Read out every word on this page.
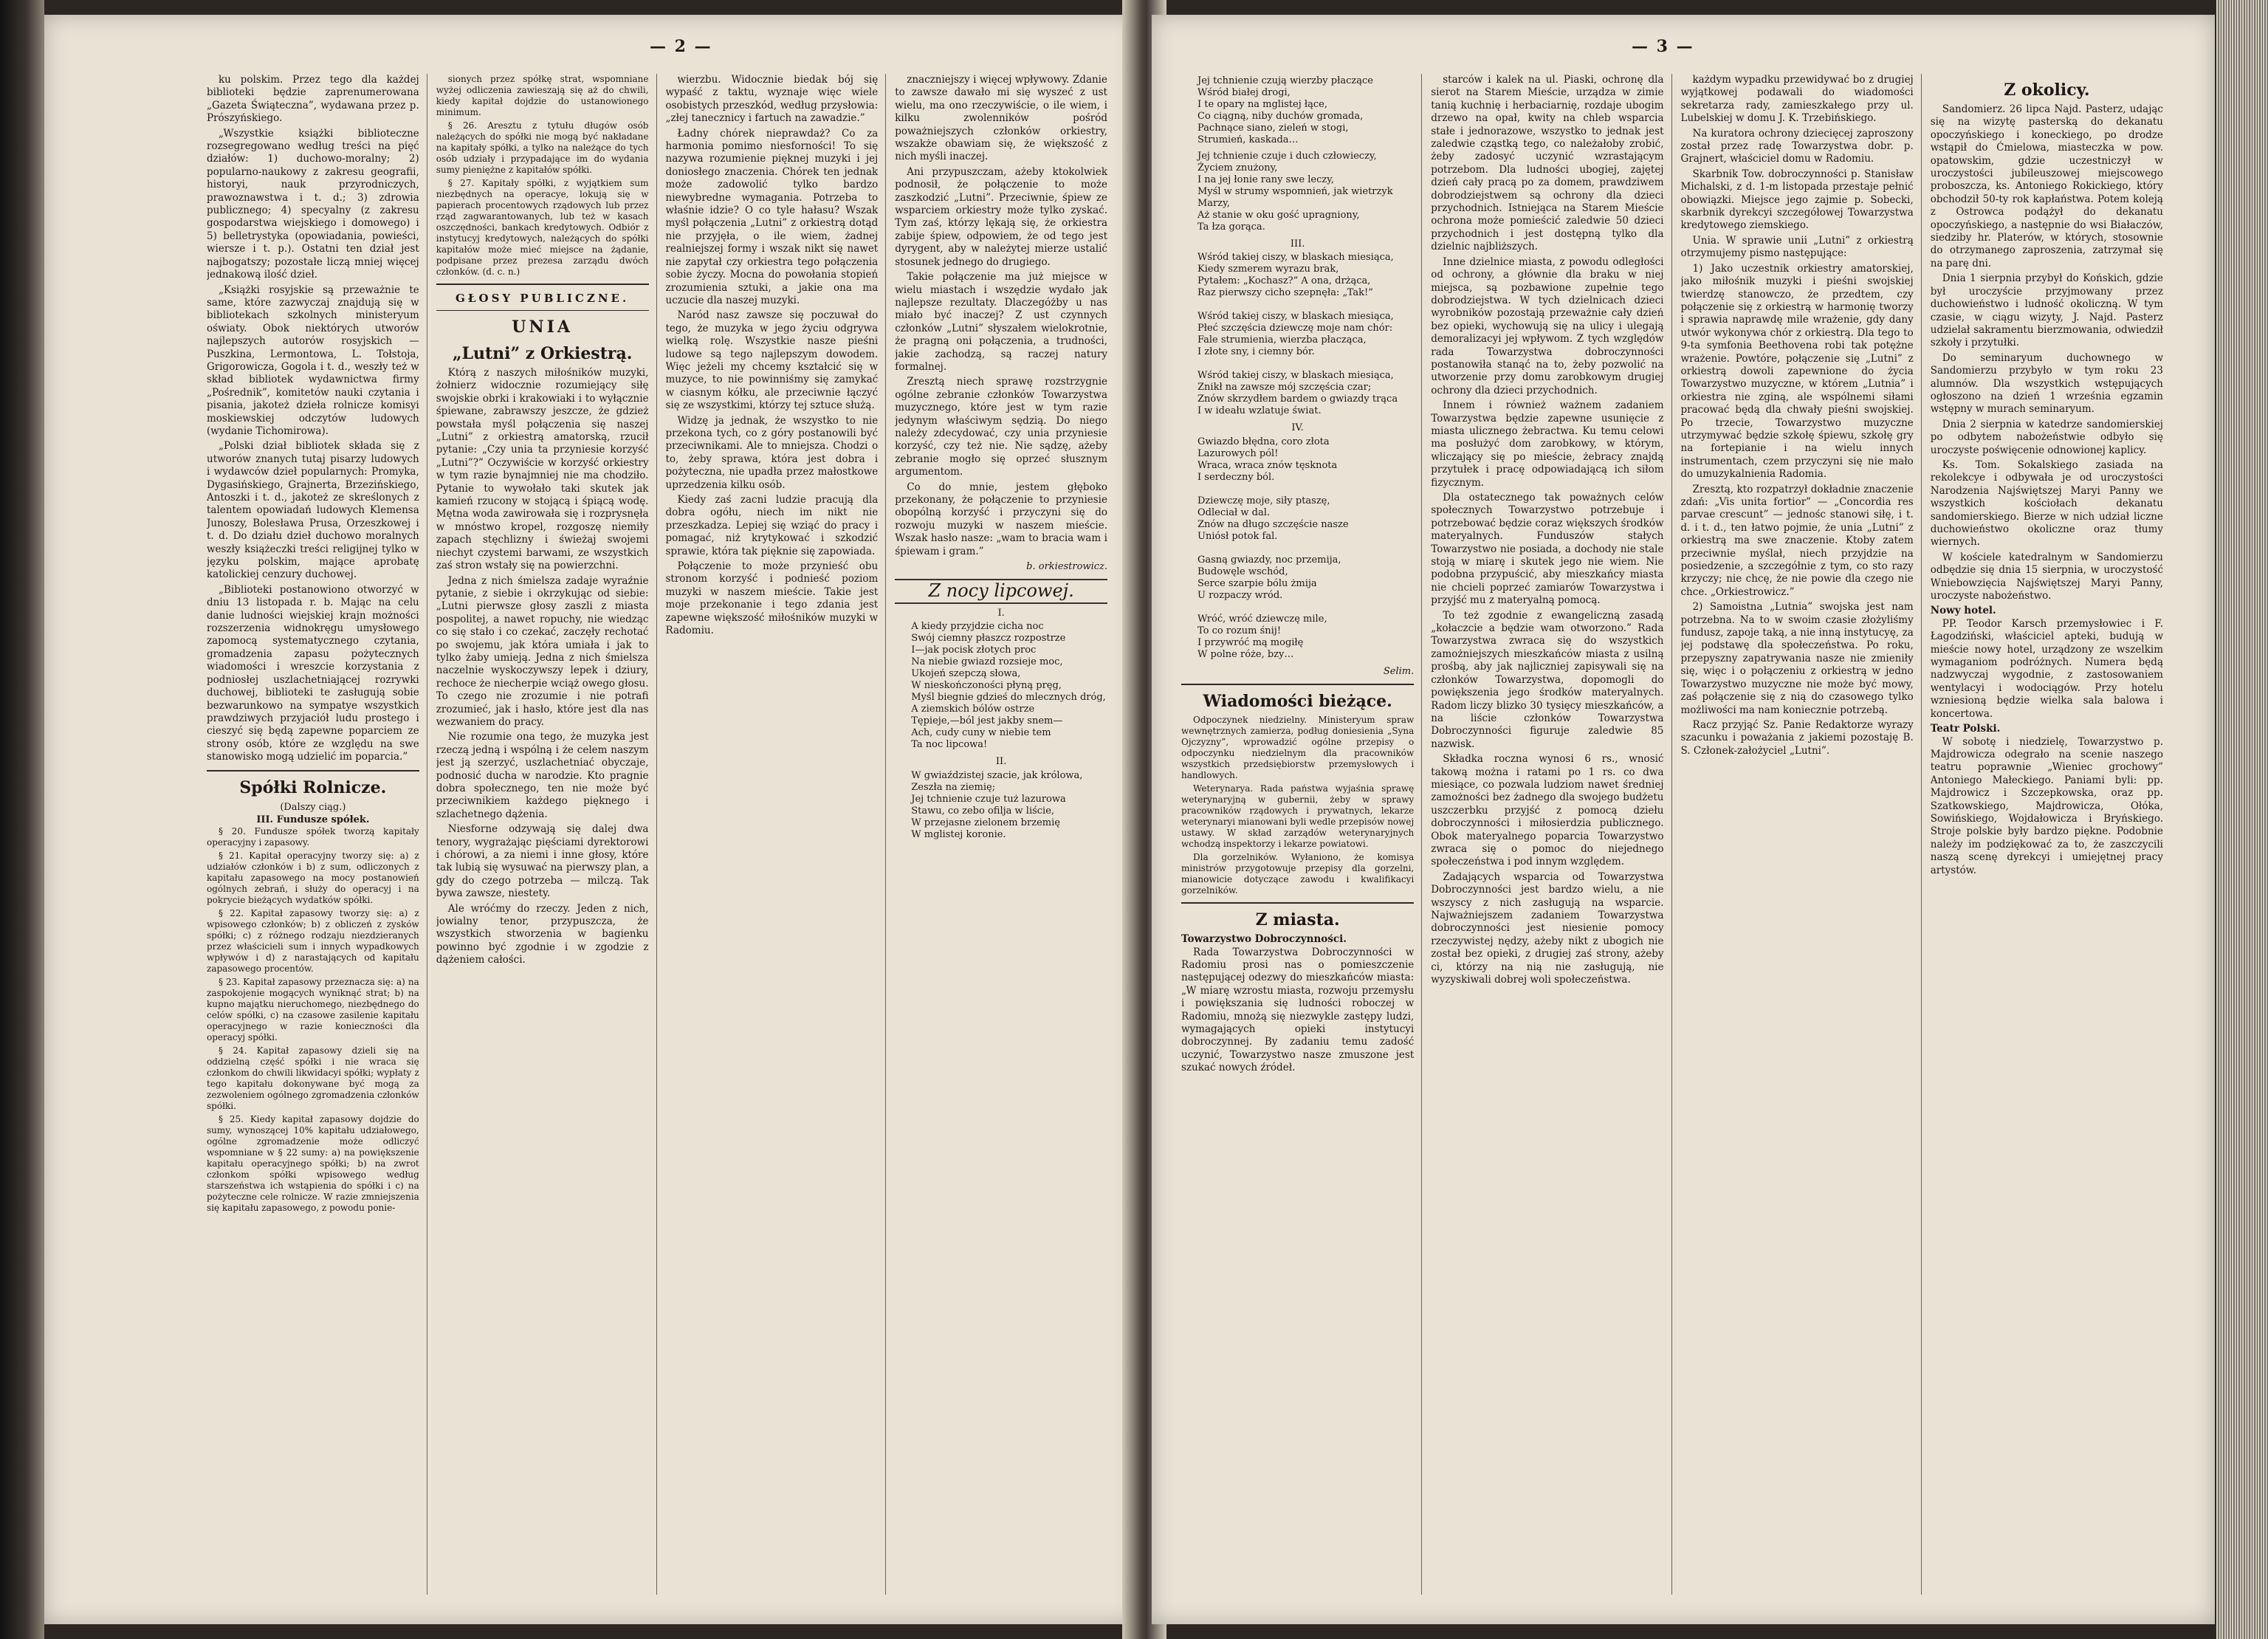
— 2 —

ku polskim. Przez tego dla każdej biblioteki będzie zaprenumerowana „Gazeta Świąteczna”, wydawana przez p. Prószyńskiego.

„Wszystkie książki biblioteczne rozsegregowano według treści na pięć działów: 1) duchowo-moralny; 2) popularno-naukowy z zakresu geografii, historyi, nauk przyrodniczych, prawoznawstwa i t. d.; 3) zdrowia publicznego; 4) specyalny (z zakresu gospodarstwa wiejskiego i domowego) i 5) belletrystyka (opowiadania, powieści, wiersze i t. p.). Ostatni ten dział jest najbogatszy; pozostałe liczą mniej więcej jednakową ilość dzieł.

„Książki rosyjskie są przeważnie te same, które zazwyczaj znajdują się w bibliotekach szkolnych ministeryum oświaty. Obok niektórych utworów najlepszych autorów rosyjskich — Puszkina, Lermontowa, L. Tołstoja, Grigorowicza, Gogola i t. d., weszły też w skład bibliotek wydawnictwa firmy „Pośrednik”, komitetów nauki czytania i pisania, jakoteż dzieła rolnicze komisyi moskiewskiej odczytów ludowych (wydanie Tichomirowa).

„Polski dział bibliotek składa się z utworów znanych tutaj pisarzy ludowych i wydawców dzieł popularnych: Promyka, Dygasińskiego, Grajnerta, Brzezińskiego, Antoszki i t. d., jakoteż ze skreślonych z talentem opowiadań ludowych Klemensa Junoszy, Bolesława Prusa, Orzeszkowej i t. d. Do działu dzieł duchowo moralnych weszły książeczki treści religijnej tylko w języku polskim, mające aprobatę katolickiej cenzury duchowej.

„Biblioteki postanowiono otworzyć w dniu 13 listopada r. b. Mając na celu danie ludności wiejskiej krajn możności rozszerzenia widnokręgu umysłowego zapomocą systematycznego czytania, gromadzenia zapasu pożytecznych wiadomości i wreszcie korzystania z podniosłej uszlachetniającej rozrywki duchowej, biblioteki te zasługują sobie bezwarunkowo na sympatye wszystkich prawdziwych przyjaciół ludu prostego i cieszyć się będą zapewne poparciem ze strony osób, które ze względu na swe stanowisko mogą udzielić im poparcia.”

Spółki Rolnicze.
(Dalszy ciąg.)
III. Fundusze spółek.

§ 20. Fundusze spółek tworzą kapitały operacyjny i zapasowy.

§ 21. Kapitał operacyjny tworzy się: a) z udziałów członków i b) z sum, odliczonych z kapitału zapasowego na mocy postanowień ogólnych zebrań, i służy do operacyj i na pokrycie bieżących wydatków spółki.

§ 22. Kapitał zapasowy tworzy się: a) z wpisowego członków; b) z obliczeń z zysków spółki; c) z różnego rodzaju niezdzieranych przez właścicieli sum i innych wypadkowych wpływów i d) z narastających od kapitału zapasowego procentów.

§ 23. Kapitał zapasowy przeznacza się: a) na zaspokojenie mogących wyniknąć strat; b) na kupno majątku nieruchomego, niezbędnego do celów spółki, c) na czasowe zasilenie kapitału operacyjnego w razie konieczności dla operacyj spółki.

§ 24. Kapitał zapasowy dzieli się na oddzielną część spółki i nie wraca się członkom do chwili likwidacyi spółki; wypłaty z tego kapitału dokonywane być mogą za zezwoleniem ogólnego zgromadzenia członków spółki.

§ 25. Kiedy kapitał zapasowy dojdzie do sumy, wynoszącej 10% kapitału udziałowego, ogólne zgromadzenie może odliczyć wspomniane w § 22 sumy: a) na powiększenie kapitału operacyjnego spółki; b) na zwrot członkom spółki wpisowego według starszeństwa ich wstąpienia do spółki i c) na pożyteczne cele rolnicze. W razie zmniejszenia się kapitału zapasowego, z powodu ponie-

sionych przez spółkę strat, wspomniane wyżej odliczenia zawieszają się aż do chwili, kiedy kapitał dojdzie do ustanowionego minimum.

§ 26. Aresztu z tytułu długów osób należących do spółki nie mogą być nakładane na kapitały spółki, a tylko na należące do tych osób udziały i przypadające im do wydania sumy pieniężne z kapitałów spółki.

§ 27. Kapitały spółki, z wyjątkiem sum niezbędnych na operacye, lokują się w papierach procentowych rządowych lub przez rząd zagwarantowanych, lub też w kasach oszczędności, bankach kredytowych. Odbiór z instytucyj kredytowych, należących do spółki kapitałów może mieć miejsce na żądanie, podpisane przez prezesa zarządu dwóch członków. (d. c. n.)

GŁOSY PUBLICZNE.
UNIA
„Lutni” z Orkiestrą.

Którą z naszych miłośników muzyki, żołnierz widocznie rozumiejący siłę swojskie obrki i krakowiaki i to wyłącznie śpiewane, zabrawszy jeszcze, że gdzież powstała myśl połączenia się naszej „Lutni” z orkiestrą amatorską, rzucił pytanie: „Czy unia ta przyniesie korzyść „Lutni”?” Oczywiście w korzyść orkiestry w tym razie bynajmniej nie ma chodziło. Pytanie to wywołało taki skutek jak kamień rzucony w stojącą i śpiącą wodę. Mętna woda zawirowała się i rozprysnęła w mnóstwo kropel, rozgoszę niemiły zapach stęchlizny i świeżaj swojemi niechyt czystemi barwami, ze wszystkich zaś stron wstały się na powierzchni.

Jedna z nich śmielsza zadaje wyraźnie pytanie, z siebie i okrzykując od siebie: „Lutni pierwsze głosy zaszli z miasta pospolitej, a nawet ropuchy, nie wiedząc co się stało i co czekać, zaczęły rechotać po swojemu, jak która umiała i jak to tylko żaby umieją. Jedna z nich śmielsza naczelnie wyskoczywszy lepek i dziury, rechoce że niecherpie wciąż owego głosu. To czego nie zrozumie i nie potrafi zrozumieć, jak i hasło, które jest dla nas wezwaniem do pracy.

Nie rozumie ona tego, że muzyka jest rzeczą jedną i wspólną i że celem naszym jest ją szerzyć, uszlachetniać obyczaje, podnosić ducha w narodzie. Kto pragnie dobra społecznego, ten nie może być przeciwnikiem każdego pięknego i szlachetnego dążenia.

Niesforne odzywają się dalej dwa tenory, wygrażając pięściami dyrektorowi i chórowi, a za niemi i inne głosy, które tak lubią się wysuwać na pierwszy plan, a gdy do czego potrzeba — milczą. Tak bywa zawsze, niestety.

Ale wróćmy do rzeczy. Jeden z nich, jowialny tenor, przypuszcza, że wszystkich stworzenia w bagienku powinno być zgodnie i w zgodzie z dążeniem całości.

wierzbu. Widocznie biedak bój się wypaść z taktu, wyznaje więc wiele osobistych przeszkód, według przysłowia: „złej tanecznicy i fartuch na zawadzie.”

Ładny chórek nieprawdaż? Co za harmonia pomimo niesforności! To się nazywa rozumienie pięknej muzyki i jej doniosłego znaczenia. Chórek ten jednak może zadowolić tylko bardzo niewybredne wymagania. Potrzeba to właśnie idzie? O co tyle hałasu? Wszak myśl połączenia „Lutni” z orkiestrą dotąd nie przyjęła, o ile wiem, żadnej realniejszej formy i wszak nikt się nawet nie zapytał czy orkiestra tego połączenia sobie życzy. Mocna do powołania stopień zrozumienia sztuki, a jakie ona ma uczucie dla naszej muzyki.

Naród nasz zawsze się poczuwał do tego, że muzyka w jego życiu odgrywa wielką rolę. Wszystkie nasze pieśni ludowe są tego najlepszym dowodem. Więc jeżeli my chcemy kształcić się w muzyce, to nie powinniśmy się zamykać w ciasnym kółku, ale przeciwnie łączyć się ze wszystkimi, którzy tej sztuce służą.

Widzę ja jednak, że wszystko to nie przekona tych, co z góry postanowili być przeciwnikami. Ale to mniejsza. Chodzi o to, żeby sprawa, która jest dobra i pożyteczna, nie upadła przez małostkowe uprzedzenia kilku osób.

Kiedy zaś zacni ludzie pracują dla dobra ogółu, niech im nikt nie przeszkadza. Lepiej się wziąć do pracy i pomagać, niż krytykować i szkodzić sprawie, która tak pięknie się zapowiada.

Połączenie to może przynieść obu stronom korzyść i podnieść poziom muzyki w naszem mieście. Takie jest moje przekonanie i tego zdania jest zapewne większość miłośników muzyki w Radomiu.

znaczniejszy i więcej wpływowy. Zdanie to zawsze dawało mi się wyszeć z ust wielu, ma ono rzeczywiście, o ile wiem, i kilku zwolenników pośród poważniejszych członków orkiestry, wszakże obawiam się, że większość z nich myśli inaczej.

Ani przypuszczam, ażeby ktokolwiek podnosił, że połączenie to może zaszkodzić „Lutni”. Przeciwnie, śpiew ze wsparciem orkiestry może tylko zyskać. Tym zaś, którzy lękają się, że orkiestra zabije śpiew, odpowiem, że od tego jest dyrygent, aby w należytej mierze ustalić stosunek jednego do drugiego.

Takie połączenie ma już miejsce w wielu miastach i wszędzie wydało jak najlepsze rezultaty. Dlaczegóżby u nas miało być inaczej? Z ust czynnych członków „Lutni” słyszałem wielokrotnie, że pragną oni połączenia, a trudności, jakie zachodzą, są raczej natury formalnej.

Zresztą niech sprawę rozstrzygnie ogólne zebranie członków Towarzystwa muzycznego, które jest w tym razie jedynym właściwym sędzią. Do niego należy zdecydować, czy unia przyniesie korzyść, czy też nie. Nie sądzę, ażeby zebranie mogło się oprzeć słusznym argumentom.

Co do mnie, jestem głęboko przekonany, że połączenie to przyniesie obopólną korzyść i przyczyni się do rozwoju muzyki w naszem mieście. Wszak hasło nasze: „wam to bracia wam i śpiewam i gram.”

b. orkiestrowicz.
Z nocy lipcowej.
I.
A kiedy przyjdzie cicha noc
Swój ciemny płaszcz rozpostrze
I—jak pocisk złotych proc
Na niebie gwiazd rozsieje moc,
Ukojeń szepczą słowa,
W nieskończoności płyną pręg,
Myśl biegnie gdzieś do mlecznych dróg,
A ziemskich bólów ostrze
Tępieje,—ból jest jakby snem—
Ach, cudy cuny w niebie tem
Ta noc lipcowa!
II.
W gwiaździstej szacie, jak królowa,
Zeszła na ziemię;
Jej tchnienie czuje tuż lazurowa
Stawu, co zebo ofilja w liście,
W przejasne zielonem brzemię
W mglistej koronie.
— 3 —
Jej tchnienie czują wierzby płaczące
Wśród białej drogi,
I te opary na mglistej łące,
Co ciągną, niby duchów gromada,
Pachnące siano, zieleń w stogi,
Strumień, kaskada…
Jej tchnienie czuje i duch człowieczy,
Życiem znużony,
I na jej łonie rany swe leczy,
Myśl w strumy wspomnień, jak wietrzyk
Marzy,
Aż stanie w oku gość upragniony,
Ta łza gorąca.
III.
Wśród takiej ciszy, w blaskach miesiąca,
Kiedy szmerem wyrazu brak,
Pytałem: „Kochasz?” A ona, drżąca,
Raz pierwszy cicho szepnęła: „Tak!”

Wśród takiej ciszy, w blaskach miesiąca,
Płeć szczęścia dziewczę moje nam chór:
Fale strumienia, wierzba płacząca,
I złote sny, i ciemny bór.

Wśród takiej ciszy, w blaskach miesiąca,
Znikł na zawsze mój szczęścia czar;
Znów skrzydłem bardem o gwiazdy trąca
I w ideału wzlatuje świat.
IV.
Gwiazdo błędna, coro złota
Lazurowych pól!
Wraca, wraca znów tęsknota
I serdeczny ból.

Dziewczę moje, siły ptaszę,
Odleciał w dal.
Znów na długo szczęście nasze
Uniósł potok fal.

Gasną gwiazdy, noc przemija,
Budowęle wschód,
Serce szarpie bólu żmija
U rozpaczy wród.

Wróć, wróć dziewczę mile,
To co rozum śnij!
I przywróć mą mogiłę
W polne róże, bzy…
Selim.
Wiadomości bieżące.

Odpoczynek niedzielny. Ministeryum spraw wewnętrznych zamierza, podług doniesienia „Syna Ojczyzny”, wprowadzić ogólne przepisy o odpoczynku niedzielnym dla pracowników wszystkich przedsiębiorstw przemysłowych i handlowych.

Weterynarya. Rada państwa wyjaśnia sprawę weterynaryjną w gubernii, żeby w sprawy pracowników rządowych i prywatnych, lekarze weterynaryi mianowani byli wedle przepisów nowej ustawy. W skład zarządów weterynaryjnych wchodzą inspektorzy i lekarze powiatowi.

Dla gorzelników. Wyłaniono, że komisya ministrów przygotowuje przepisy dla gorzelni, mianowicie dotyczące zawodu i kwalifikacyi gorzelników.

Z miasta.
Towarzystwo Dobroczynności.

Rada Towarzystwa Dobroczynności w Radomiu prosi nas o pomieszczenie następującej odezwy do mieszkańców miasta: „W miarę wzrostu miasta, rozwoju przemysłu i powiększania się ludności roboczej w Radomiu, mnożą się niezwykle zastępy ludzi, wymagających opieki instytucyi dobroczynnej. By zadaniu temu zadość uczynić, Towarzystwo nasze zmuszone jest szukać nowych źródeł.

starców i kalek na ul. Piaski, ochronę dla sierot na Starem Mieście, urządza w zimie tanią kuchnię i herbaciarnię, rozdaje ubogim drzewo na opał, kwity na chleb wsparcia stałe i jednorazowe, wszystko to jednak jest zaledwie cząstką tego, co należałoby zrobić, żeby zadosyć uczynić wzrastającym potrzebom. Dla ludności ubogiej, zajętej dzień cały pracą po za domem, prawdziwem dobrodziejstwem są ochrony dla dzieci przychodnich. Istniejąca na Starem Mieście ochrona może pomieścić zaledwie 50 dzieci przychodnich i jest dostępną tylko dla dzielnic najbliższych.

Inne dzielnice miasta, z powodu odległości od ochrony, a głównie dla braku w niej miejsca, są pozbawione zupełnie tego dobrodziejstwa. W tych dzielnicach dzieci wyrobników pozostają przeważnie cały dzień bez opieki, wychowują się na ulicy i ulegają demoralizacyi jej wpływom. Z tych względów rada Towarzystwa dobroczynności postanowiła stanąć na to, żeby pozwolić na utworzenie przy domu zarobkowym drugiej ochrony dla dzieci przychodnich.

Innem i również ważnem zadaniem Towarzystwa będzie zapewne usunięcie z miasta ulicznego żebractwa. Ku temu celowi ma posłużyć dom zarobkowy, w którym, wliczający się po mieście, żebracy znajdą przytułek i pracę odpowiadającą ich siłom fizycznym.

Dla ostatecznego tak poważnych celów społecznych Towarzystwo potrzebuje i potrzebować będzie coraz większych środków materyalnych. Funduszów stałych Towarzystwo nie posiada, a dochody nie stale stoją w miarę i skutek jego nie wiem. Nie podobna przypuścić, aby mieszkańcy miasta nie chcieli poprzeć zamiarów Towarzystwa i przyjść mu z materyalną pomocą.

To też zgodnie z ewangeliczną zasadą „kołaczcie a będzie wam otworzono.” Rada Towarzystwa zwraca się do wszystkich zamożniejszych mieszkańców miasta z usilną prośbą, aby jak najliczniej zapisywali się na członków Towarzystwa, dopomogli do powiększenia jego środków materyalnych. Radom liczy blizko 30 tysięcy mieszkańców, a na liście członków Towarzystwa Dobroczynności figuruje zaledwie 85 nazwisk.

Składka roczna wynosi 6 rs., wnosić takową można i ratami po 1 rs. co dwa miesiące, co pozwala ludziom nawet średniej zamożności bez żadnego dla swojego budżetu uszczerbku przyjść z pomocą dziełu dobroczynności i miłosierdzia publicznego. Obok materyalnego poparcia Towarzystwo zwraca się o pomoc do niejednego społeczeństwa i pod innym względem.

Zadających wsparcia od Towarzystwa Dobroczynności jest bardzo wielu, a nie wszyscy z nich zasługują na wsparcie. Najważniejszem zadaniem Towarzystwa dobroczynności jest niesienie pomocy rzeczywistej nędzy, ażeby nikt z ubogich nie został bez opieki, z drugiej zaś strony, ażeby ci, którzy na nią nie zasługują, nie wyzyskiwali dobrej woli społeczeństwa.

każdym wypadku przewidywać bo z drugiej wyjątkowej podawali do wiadomości sekretarza rady, zamieszkałego przy ul. Lubelskiej w domu J. K. Trzebińskiego.

Na kuratora ochrony dziecięcej zaproszony został przez radę Towarzystwa dobr. p. Grajnert, właściciel domu w Radomiu.

Skarbnik Tow. dobroczynności p. Stanisław Michalski, z d. 1-m listopada przestaje pełnić obowiązki. Miejsce jego zajmie p. Sobecki, skarbnik dyrekcyi szczegółowej Towarzystwa kredytowego ziemskiego.

Unia. W sprawie unii „Lutni” z orkiestrą otrzymujemy pismo następujące:

1) Jako uczestnik orkiestry amatorskiej, jako miłośnik muzyki i pieśni swojskiej twierdzę stanowczo, że przedtem, czy połączenie się z orkiestrą w harmonię tworzy i sprawia naprawdę mile wrażenie, gdy dany utwór wykonywa chór z orkiestrą. Dla tego to 9-ta symfonia Beethovena robi tak potężne wrażenie. Powtóre, połączenie się „Lutni” z orkiestrą dowoli zapewnione do życia Towarzystwo muzyczne, w którem „Lutnia” i orkiestra nie zginą, ale wspólnemi siłami pracować będą dla chwały pieśni swojskiej. Po trzecie, Towarzystwo muzyczne utrzymywać będzie szkołę śpiewu, szkołę gry na fortepianie i na wielu innych instrumentach, czem przyczyni się nie mało do umuzykalnienia Radomia.

Zresztą, kto rozpatrzył dokładnie znaczenie zdań: „Vis unita fortior” — „Concordia res parvae crescunt” — jednośc stanowi siłę, i t. d. i t. d., ten łatwo pojmie, że unia „Lutni” z orkiestrą ma swe znaczenie. Ktoby zatem przeciwnie myślał, niech przyjdzie na posiedzenie, a szczegółnie z tym, co sto razy krzyczy; nie chcę, że nie powie dla czego nie chce. „Orkiestrowicz.”

2) Samoistna „Lutnia” swojska jest nam potrzebna. Na to w swoim czasie złożyliśmy fundusz, zapoje taką, a nie inną instytucyę, za jej podstawę dla społeczeństwa. Po roku, przepyszny zapatrywania nasze nie zmieniły się, więc i o połączeniu z orkiestrą w jedno Towarzystwo muzyczne nie może być mowy, zaś połączenie się z nią do czasowego tylko możliwości ma nam koniecznie potrzebą.

Racz przyjąć Sz. Panie Redaktorze wyrazy szacunku i poważania z jakiemi pozostaję B. S. Członek-założyciel „Lutni”.

Z okolicy.

Sandomierz. 26 lipca Najd. Pasterz, udając się na wizytę pasterską do dekanatu opoczyńskiego i koneckiego, po drodze wstąpił do Ćmielowa, miasteczka w pow. opatowskim, gdzie uczestniczył w uroczystości jubileuszowej miejscowego proboszcza, ks. Antoniego Rokickiego, który obchodził 50-ty rok kapłaństwa. Potem koleją z Ostrowca podążył do dekanatu opoczyńskiego, a następnie do wsi Białaczów, siedziby hr. Platerów, w których, stosownie do otrzymanego zaproszenia, zatrzymał się na parę dni.

Dnia 1 sierpnia przybył do Końskich, gdzie był uroczyście przyjmowany przez duchowieństwo i ludność okoliczną. W tym czasie, w ciągu wizyty, J. Najd. Pasterz udzielał sakramentu bierzmowania, odwiedził szkoły i przytułki.

Do seminaryum duchownego w Sandomierzu przybyło w tym roku 23 alumnów. Dla wszystkich wstępujących ogłoszono na dzień 1 września egzamin wstępny w murach seminaryum.

Dnia 2 sierpnia w katedrze sandomierskiej po odbytem nabożeństwie odbyło się uroczyste poświęcenie odnowionej kaplicy.

Ks. Tom. Sokalskiego zasiada na rekolekcye i odbywała je od uroczystości Narodzenia Najświętszej Maryi Panny we wszystkich kościołach dekanatu sandomierskiego. Bierze w nich udział liczne duchowieństwo okoliczne oraz tłumy wiernych.

W kościele katedralnym w Sandomierzu odbędzie się dnia 15 sierpnia, w uroczystość Wniebowzięcia Najświętszej Maryi Panny, uroczyste nabożeństwo.

Nowy hotel.

PP. Teodor Karsch przemysłowiec i F. Łagodziński, właściciel apteki, budują w mieście nowy hotel, urządzony ze wszelkim wymaganiom podróżnych. Numera będą nadzwyczaj wygodnie, z zastosowaniem wentylacyi i wodociągów. Przy hotelu wzniesioną będzie wielka sala balowa i koncertowa.

Teatr Polski.

W sobotę i niedzielę, Towarzystwo p. Majdrowicza odegrało na scenie naszego teatru poprawnie „Wieniec grochowy” Antoniego Małeckiego. Paniami byli: pp. Majdrowicz i Szczepkowska, oraz pp. Szatkowskiego, Majdrowicza, Ołóka, Sowińskiego, Wojdałowicza i Bryńskiego. Stroje polskie były bardzo piękne. Podobnie należy im podziękować za to, że zaszczycili naszą scenę dyrekcyi i umiejętnej pracy artystów.
